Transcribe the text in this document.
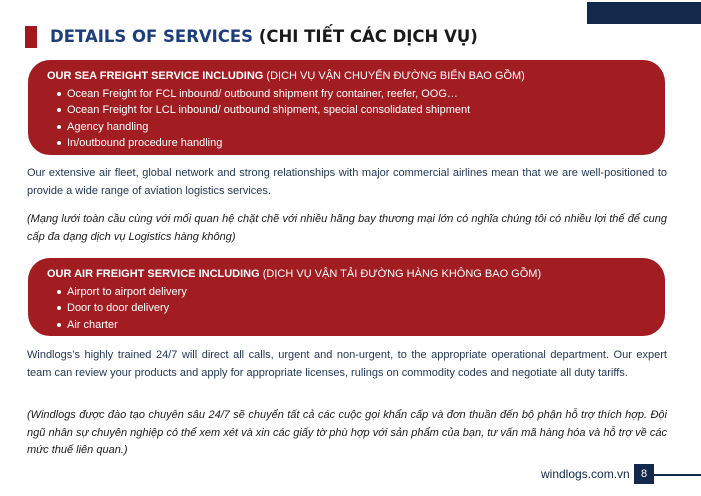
DETAILS OF SERVICES (CHI TIẾT CÁC DỊCH VỤ)
OUR SEA FREIGHT SERVICE INCLUDING (DỊCH VỤ VẬN CHUYỂN ĐƯỜNG BIỂN BAO GỒM)
Ocean Freight for FCL inbound/ outbound shipment fry container, reefer, OOG…
Ocean Freight for LCL inbound/ outbound shipment, special consolidated shipment
Agency handling
In/outbound procedure handling

Our extensive air fleet, global network and strong relationships with major commercial airlines mean that we are well-positioned to provide a wide range of aviation logistics services.

(Mạng lưới toàn cầu cùng với mối quan hệ chặt chẽ với nhiều hãng bay thương mại lớn có nghĩa chúng tôi có nhiều lợi thế để cung cấp đa dạng dịch vụ Logistics hàng không)

OUR AIR FREIGHT SERVICE INCLUDING (DỊCH VỤ VẬN TẢI ĐƯỜNG HÀNG KHÔNG BAO GỒM)
Airport to airport delivery
Door to door delivery
Air charter

Windlogs’s highly trained 24/7 will direct all calls, urgent and non-urgent, to the appropriate operational department. Our expert team can review your products and apply for appropriate licenses, rulings on commodity codes and negotiate all duty tariffs.

(Windlogs được đào tạo chuyên sâu 24/7 sẽ chuyển tất cả các cuộc gọi khẩn cấp và đơn thuần đến bộ phận hỗ trợ thích hợp. Đội ngũ nhân sự chuyên nghiệp có thể xem xét và xin các giấy tờ phù hợp với sản phẩm của bạn, tư vấn mã hàng hóa và hỗ trợ về các mức thuế liên quan.)

windlogs.com.vn	8
